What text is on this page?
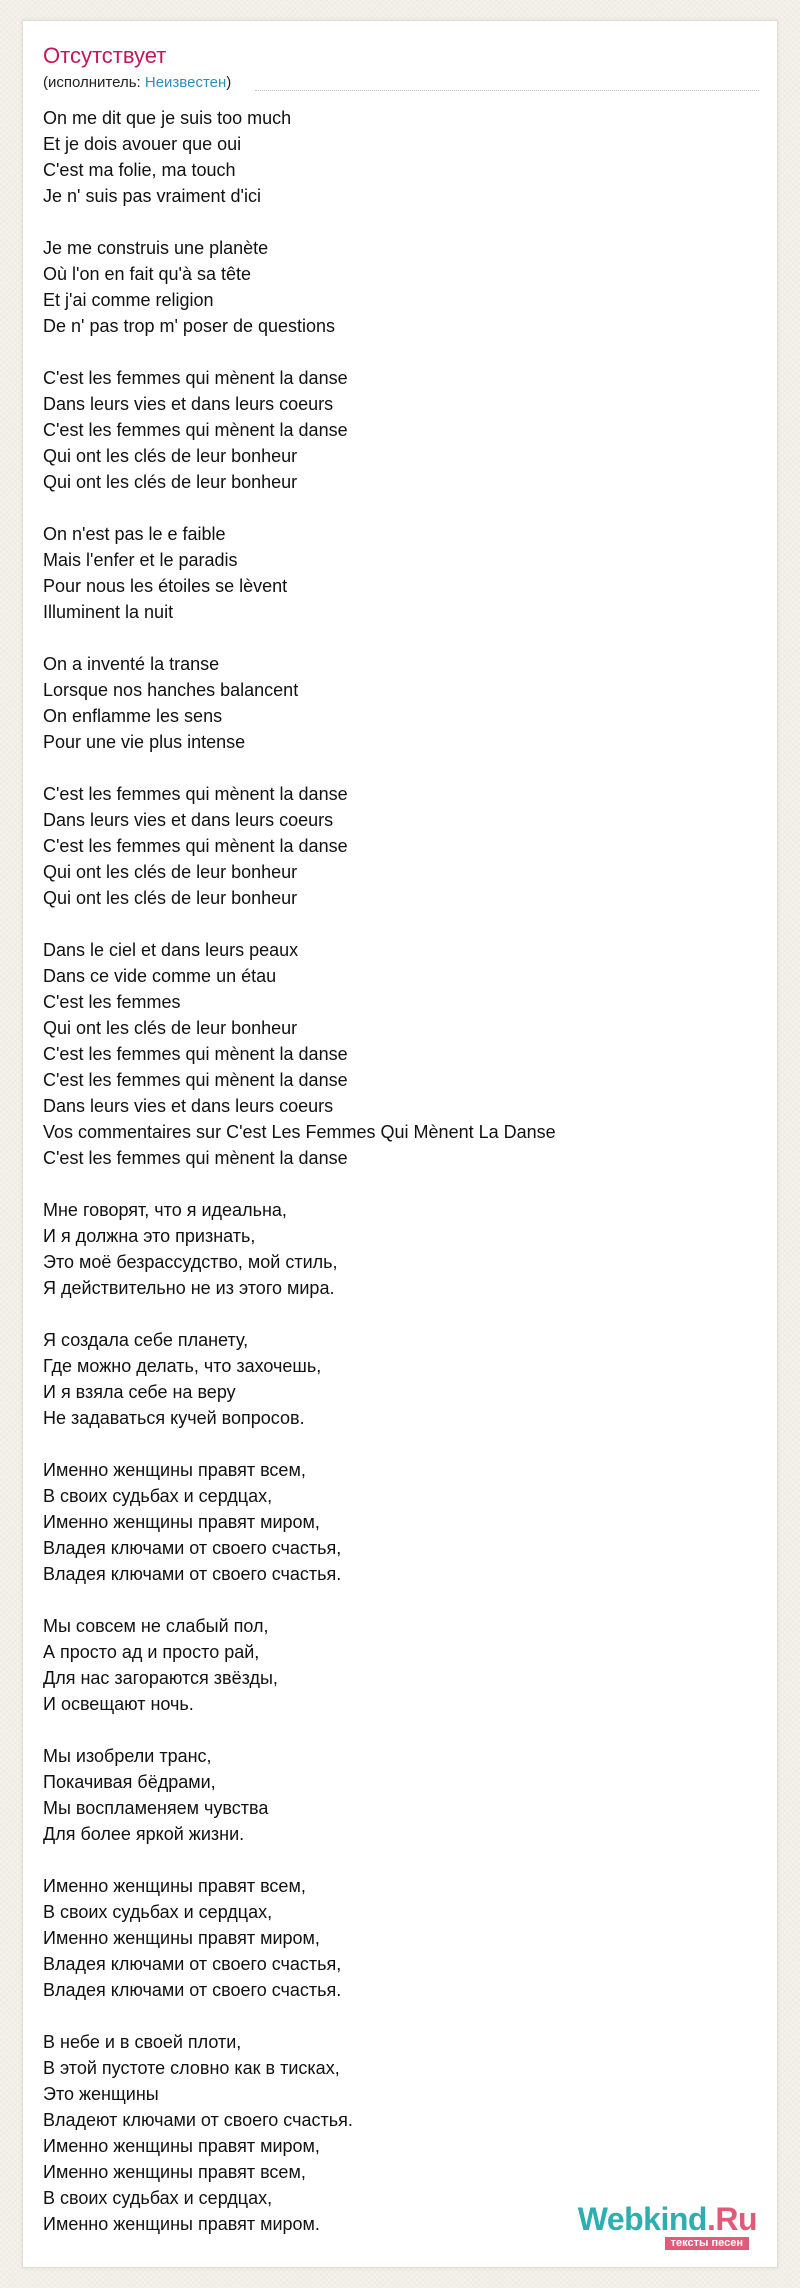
Отсутствует
(исполнитель: Неизвестен)
On me dit que je suis too much
Et je dois avouer que oui
C'est ma folie, ma touch
Je n' suis pas vraiment d'ici
Je me construis une planète
Où l'on en fait qu'à sa tête
Et j'ai comme religion
De n' pas trop m' poser de questions
C'est les femmes qui mènent la danse
Dans leurs vies et dans leurs coeurs
C'est les femmes qui mènent la danse
Qui ont les clés de leur bonheur
Qui ont les clés de leur bonheur
On n'est pas le e faible
Mais l'enfer et le paradis
Pour nous les étoiles se lèvent
Illuminent la nuit
On a inventé la transe
Lorsque nos hanches balancent
On enflamme les sens
Pour une vie plus intense
C'est les femmes qui mènent la danse
Dans leurs vies et dans leurs coeurs
C'est les femmes qui mènent la danse
Qui ont les clés de leur bonheur
Qui ont les clés de leur bonheur
Dans le ciel et dans leurs peaux
Dans ce vide comme un étau
C'est les femmes
Qui ont les clés de leur bonheur
C'est les femmes qui mènent la danse
C'est les femmes qui mènent la danse
Dans leurs vies et dans leurs coeurs
Vos commentaires sur C'est Les Femmes Qui Mènent La Danse
C'est les femmes qui mènent la danse
Мне говорят, что я идеальна,
И я должна это признать,
Это моё безрассудство, мой стиль,
Я действительно не из этого мира.
Я создала себе планету,
Где можно делать, что захочешь,
И я взяла себе на веру
Не задаваться кучей вопросов.
Именно женщины правят всем,
В своих судьбах и сердцах,
Именно женщины правят миром,
Владея ключами от своего счастья,
Владея ключами от своего счастья.
Мы совсем не слабый пол,
А просто ад и просто рай,
Для нас загораются звёзды,
И освещают ночь.
Мы изобрели транс,
Покачивая бёдрами,
Мы воспламеняем чувства
Для более яркой жизни.
Именно женщины правят всем,
В своих судьбах и сердцах,
Именно женщины правят миром,
Владея ключами от своего счастья,
Владея ключами от своего счастья.
В небе и в своей плоти,
В этой пустоте словно как в тисках,
Это женщины
Владеют ключами от своего счастья.
Именно женщины правят миром,
Именно женщины правят всем,
В своих судьбах и сердцах,
Именно женщины правят миром.	Webkind.Ru
тексты песен
